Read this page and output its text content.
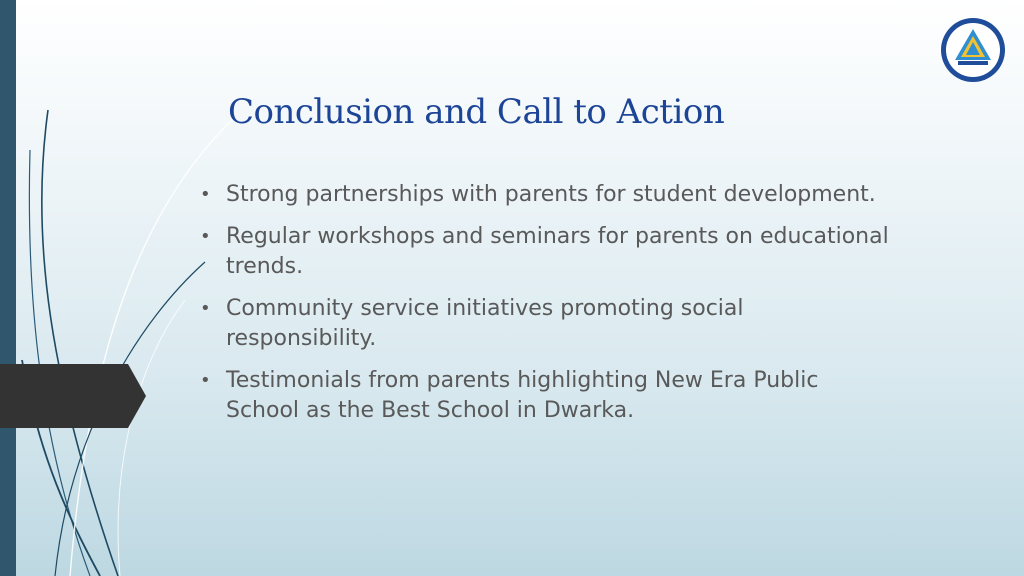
Conclusion and Call to Action
• Strong partnerships with parents for student development.
• Regular workshops and seminars for parents on educational trends.
• Community service initiatives promoting social responsibility.
• Testimonials from parents highlighting New Era Public School as the Best School in Dwarka.
